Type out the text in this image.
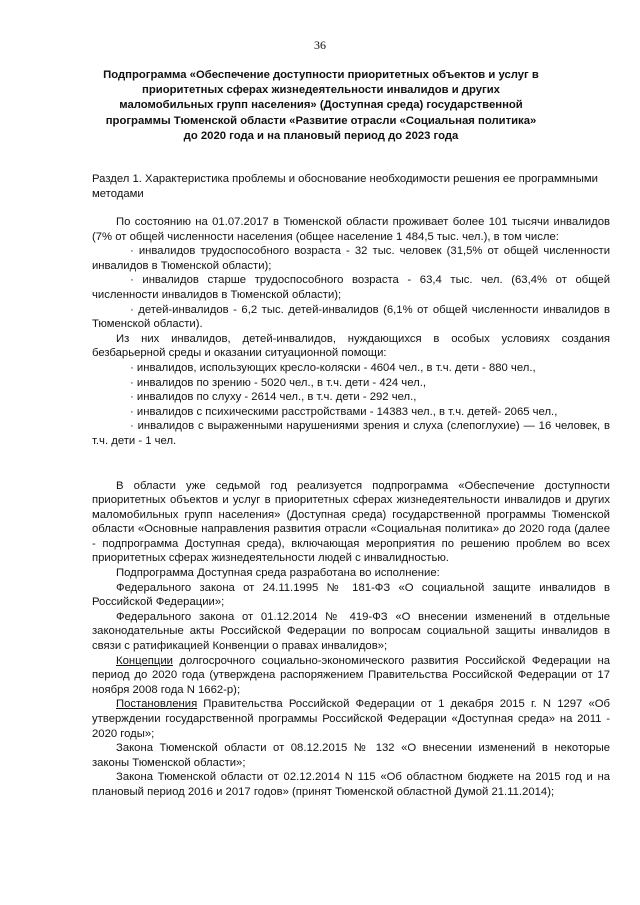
36
Подпрограмма «Обеспечение доступности приоритетных объектов и услуг в приоритетных сферах жизнедеятельности инвалидов и других маломобильных групп населения» (Доступная среда) государственной программы Тюменской области «Развитие отрасли «Социальная политика» до 2020 года и на плановый период до 2023 года
Раздел 1. Характеристика проблемы и обоснование необходимости решения ее программными методами

По состоянию на 01.07.2017 в Тюменской области проживает более 101 тысячи инвалидов (7% от общей численности населения (общее население 1 484,5 тыс. чел.), в том числе:

· инвалидов трудоспособного возраста - 32 тыс. человек (31,5% от общей численности инвалидов в Тюменской области);

· инвалидов старше трудоспособного возраста - 63,4 тыс. чел. (63,4% от общей численности инвалидов в Тюменской области);

· детей-инвалидов - 6,2 тыс. детей-инвалидов (6,1% от общей численности инвалидов в Тюменской области).

Из них инвалидов, детей-инвалидов, нуждающихся в особых условиях создания безбарьерной среды и оказании ситуационной помощи:

· инвалидов, использующих кресло-коляски - 4604 чел., в т.ч. дети - 880 чел.,

· инвалидов по зрению - 5020 чел., в т.ч. дети - 424 чел.,

· инвалидов по слуху - 2614 чел., в т.ч. дети - 292 чел.,

· инвалидов с психическими расстройствами - 14383 чел., в т.ч. детей- 2065 чел.,

· инвалидов с выраженными нарушениями зрения и слуха (слепоглухие) — 16 человек, в т.ч. дети - 1 чел.

В области уже седьмой год реализуется подпрограмма «Обеспечение доступности приоритетных объектов и услуг в приоритетных сферах жизнедеятельности инвалидов и других маломобильных групп населения» (Доступная среда) государственной программы Тюменской области «Основные направления развития отрасли «Социальная политика» до 2020 года (далее - подпрограмма Доступная среда), включающая мероприятия по решению проблем во всех приоритетных сферах жизнедеятельности людей с инвалидностью.

Подпрограмма Доступная среда разработана во исполнение:

Федерального закона от 24.11.1995 № 181-ФЗ «О социальной защите инвалидов в Российской Федерации»;

Федерального закона от 01.12.2014 № 419-ФЗ «О внесении изменений в отдельные законодательные акты Российской Федерации по вопросам социальной защиты инвалидов в связи с ратификацией Конвенции о правах инвалидов»;

Концепции долгосрочного социально-экономического развития Российской Федерации на период до 2020 года (утверждена распоряжением Правительства Российской Федерации от 17 ноября 2008 года N 1662-р);

Постановления Правительства Российской Федерации от 1 декабря 2015 г. N 1297 «Об утверждении государственной программы Российской Федерации «Доступная среда» на 2011 - 2020 годы»;

Закона Тюменской области от 08.12.2015 № 132 «О внесении изменений в некоторые законы Тюменской области»;

Закона Тюменской области от 02.12.2014 N 115 «Об областном бюджете на 2015 год и на плановый период 2016 и 2017 годов» (принят Тюменской областной Думой 21.11.2014);
